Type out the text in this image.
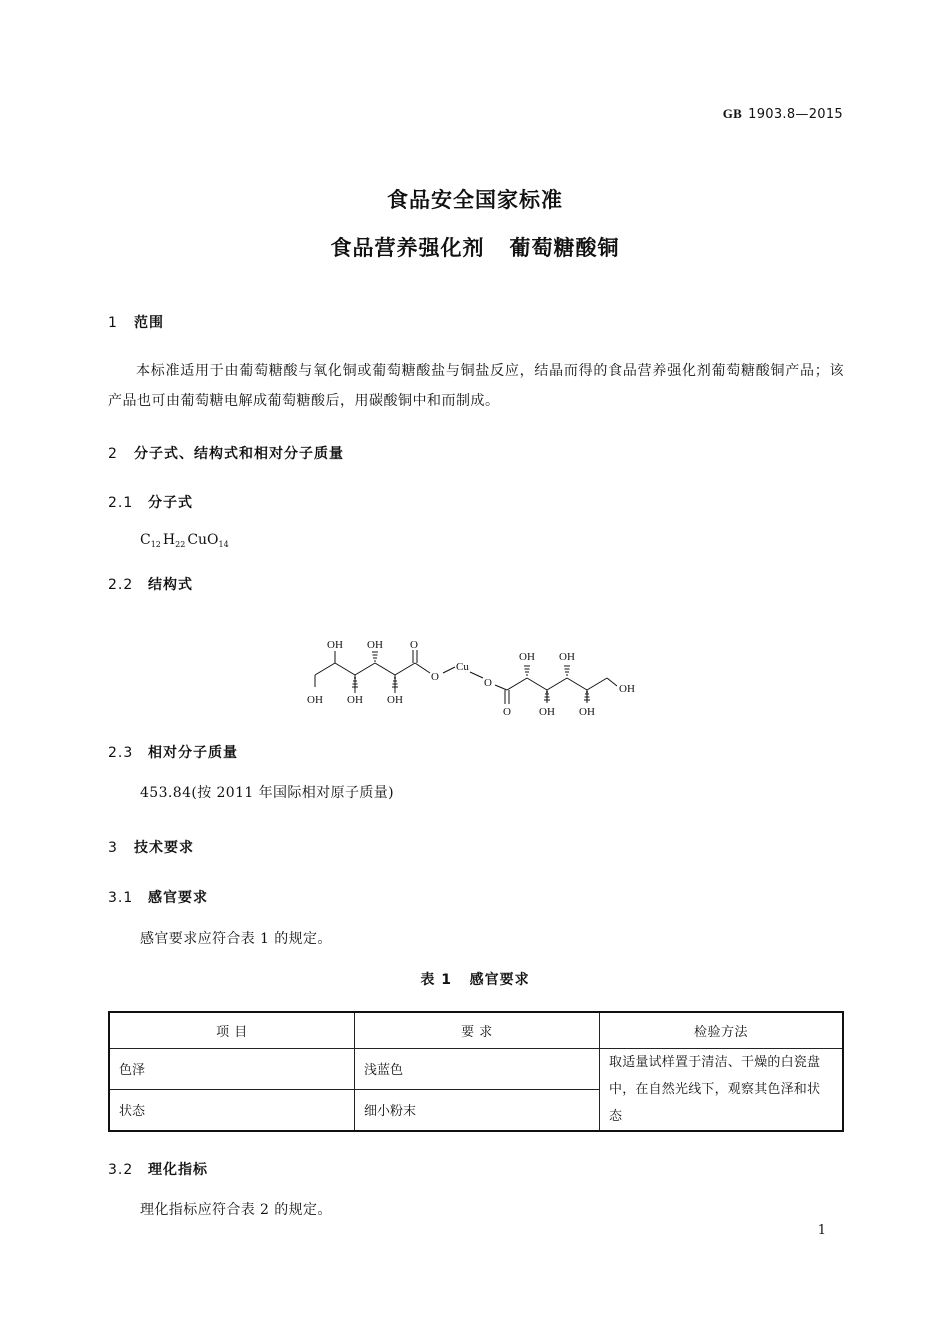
GB 1903.8—2015
食品安全国家标准
食品营养强化剂   葡萄糖酸铜
1 范围
本标准适用于由葡萄糖酸与氧化铜或葡萄糖酸盐与铜盐反应，结晶而得的食品营养强化剂葡萄糖酸铜产品；该产品也可由葡萄糖电解成葡萄糖酸后，用碳酸铜中和而制成。
2 分子式、结构式和相对分子质量
2.1 分子式
$C_{12}$ $H_{22}$ CuO$_{14}$
2.2 结构式
OH
OH OH
OH OH
O
O
Cu
O
O
OH OH
OH OH
OH
2.3 相对分子质量
453.84(按 2011 年国际相对原子质量)
3 技术要求
3.1 感官要求
感官要求应符合表 1 的规定。
表 1   感官要求
项 目	要 求	检验方法
色泽	浅蓝色	取适量试样置于清洁、干燥的白瓷盘中，在自然光线下，观察其色泽和状态
状态	细小粉末	
3.2 理化指标
理化指标应符合表 2 的规定。
1
